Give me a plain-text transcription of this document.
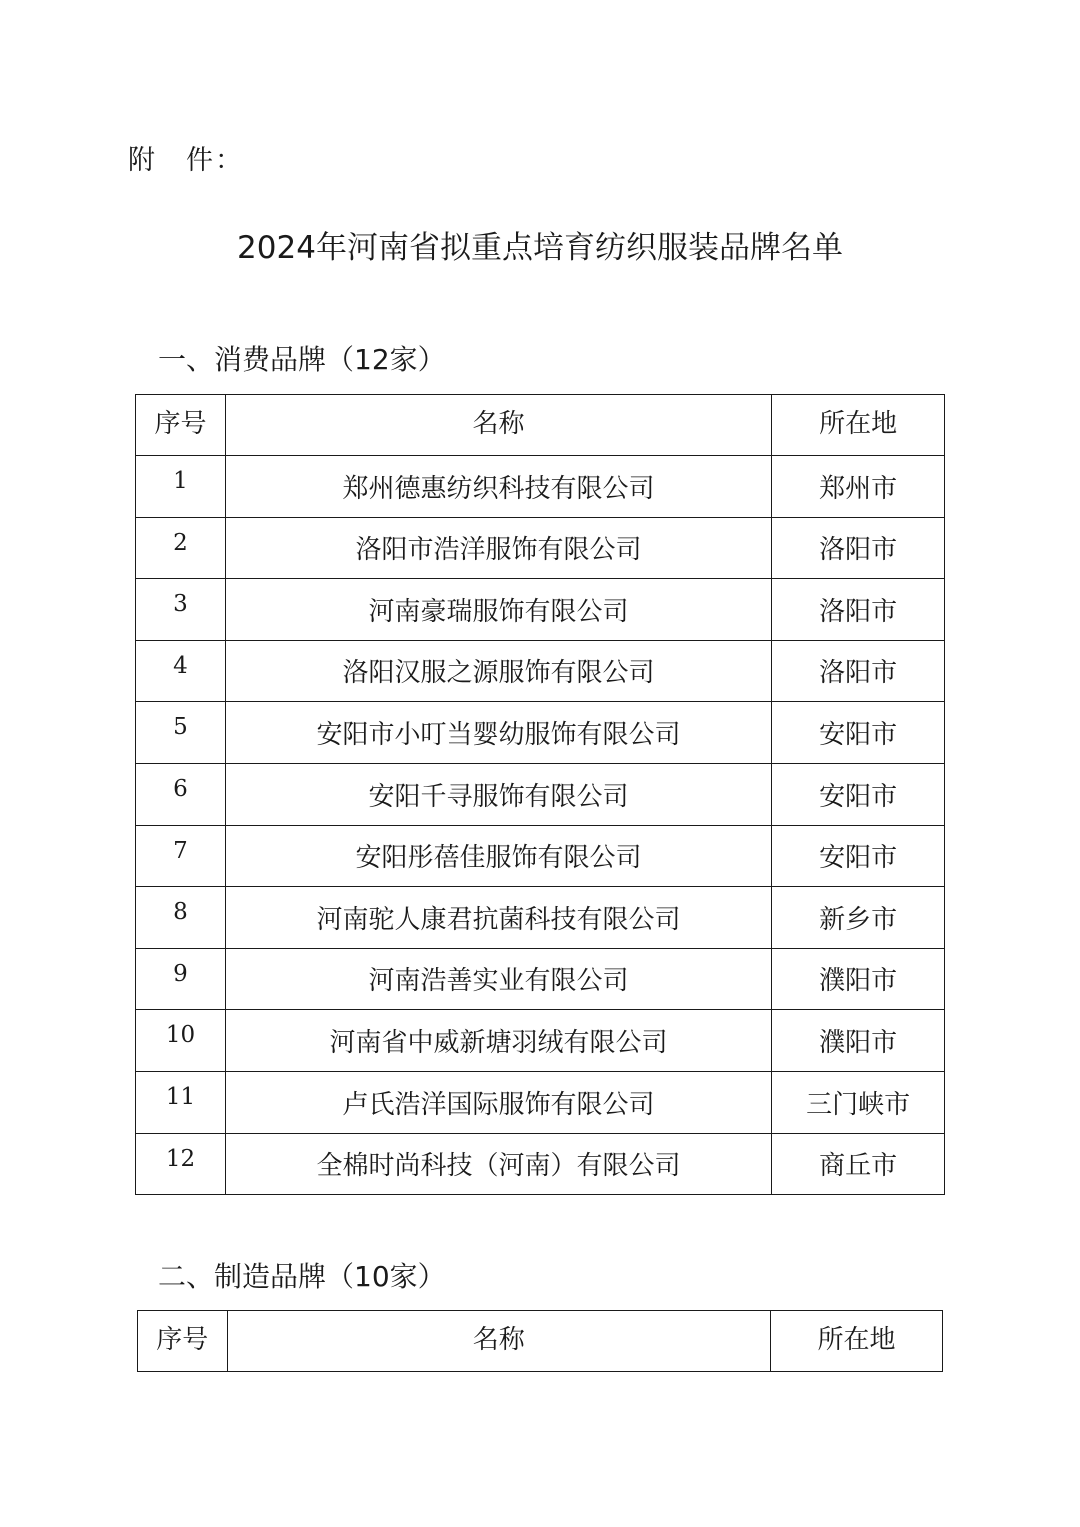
附　件：
2024年河南省拟重点培育纺织服装品牌名单
一、消费品牌（12家）
序号	名称	所在地
1	郑州德惠纺织科技有限公司	郑州市
2	洛阳市浩洋服饰有限公司	洛阳市
3	河南豪瑞服饰有限公司	洛阳市
4	洛阳汉服之源服饰有限公司	洛阳市
5	安阳市小叮当婴幼服饰有限公司	安阳市
6	安阳千寻服饰有限公司	安阳市
7	安阳彤蓓佳服饰有限公司	安阳市
8	河南驼人康君抗菌科技有限公司	新乡市
9	河南浩善实业有限公司	濮阳市
10	河南省中威新塘羽绒有限公司	濮阳市
11	卢氏浩洋国际服饰有限公司	三门峡市
12	全棉时尚科技（河南）有限公司	商丘市
二、制造品牌（10家）
序号	名称	所在地
